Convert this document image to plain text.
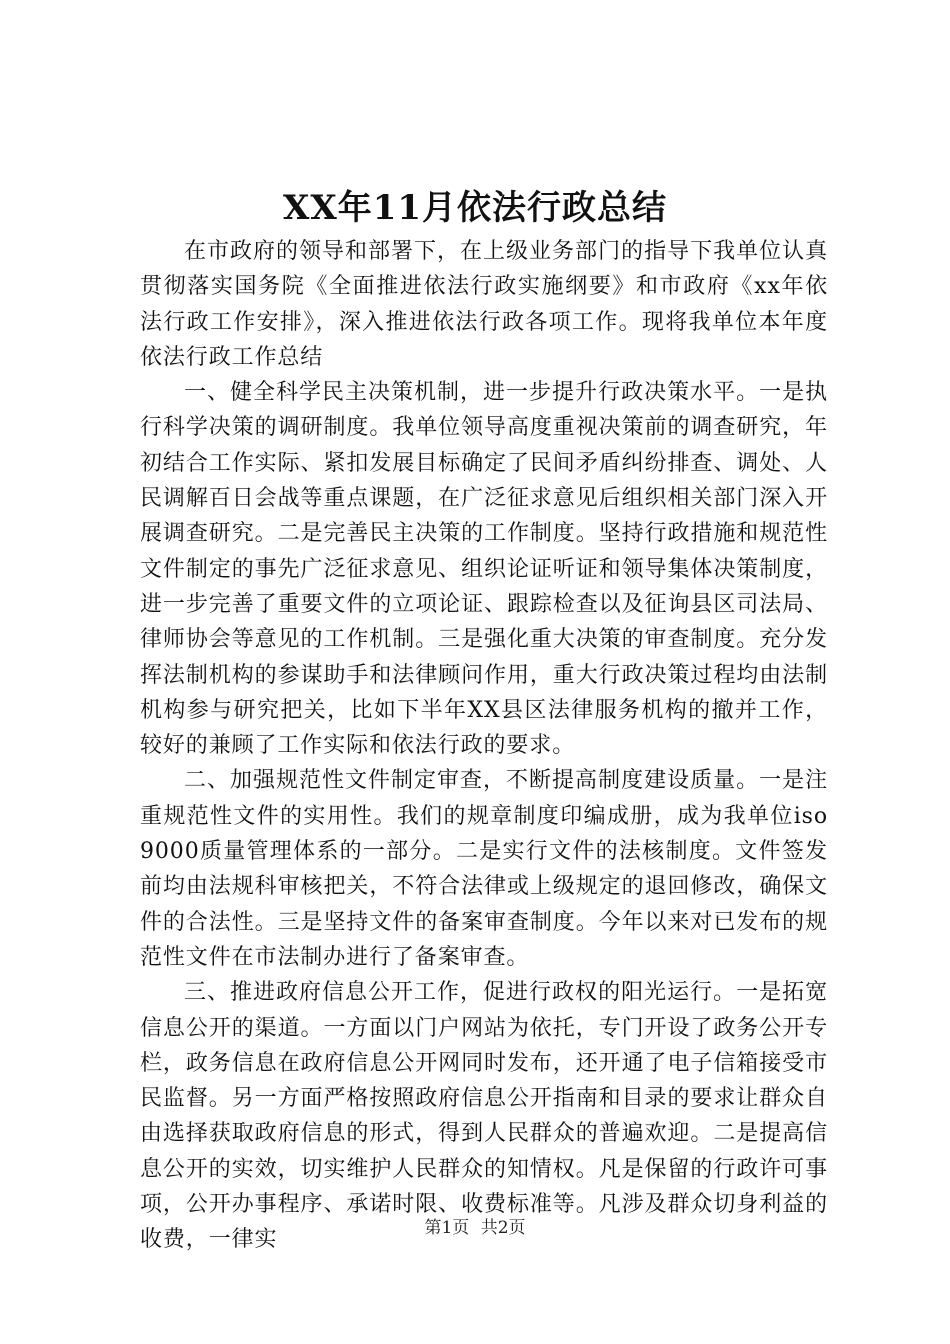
XX年11月依法行政总结

在市政府的领导和部署下，在上级业务部门的指导下我单位认真贯彻落实国务院《全面推进依法行政实施纲要》和市政府《xx年依法行政工作安排》，深入推进依法行政各项工作。现将我单位本年度依法行政工作总结

一、健全科学民主决策机制，进一步提升行政决策水平。一是执行科学决策的调研制度。我单位领导高度重视决策前的调查研究，年初结合工作实际、紧扣发展目标确定了民间矛盾纠纷排查、调处、人民调解百日会战等重点课题，在广泛征求意见后组织相关部门深入开展调查研究。二是完善民主决策的工作制度。坚持行政措施和规范性文件制定的事先广泛征求意见、组织论证听证和领导集体决策制度，进一步完善了重要文件的立项论证、跟踪检查以及征询县区司法局、律师协会等意见的工作机制。三是强化重大决策的审查制度。充分发挥法制机构的参谋助手和法律顾问作用，重大行政决策过程均由法制机构参与研究把关，比如下半年XX县区法律服务机构的撤并工作，较好的兼顾了工作实际和依法行政的要求。

二、加强规范性文件制定审查，不断提高制度建设质量。一是注重规范性文件的实用性。我们的规章制度印编成册，成为我单位iso9000质量管理体系的一部分。二是实行文件的法核制度。文件签发前均由法规科审核把关，不符合法律或上级规定的退回修改，确保文件的合法性。三是坚持文件的备案审查制度。今年以来对已发布的规范性文件在市法制办进行了备案审查。

三、推进政府信息公开工作，促进行政权的阳光运行。一是拓宽信息公开的渠道。一方面以门户网站为依托，专门开设了政务公开专栏，政务信息在政府信息公开网同时发布，还开通了电子信箱接受市民监督。另一方面严格按照政府信息公开指南和目录的要求让群众自由选择获取政府信息的形式，得到人民群众的普遍欢迎。二是提高信息公开的实效，切实维护人民群众的知情权。凡是保留的行政许可事项，公开办事程序、承诺时限、收费标准等。凡涉及群众切身利益的收费，一律实	第1页 共2页
